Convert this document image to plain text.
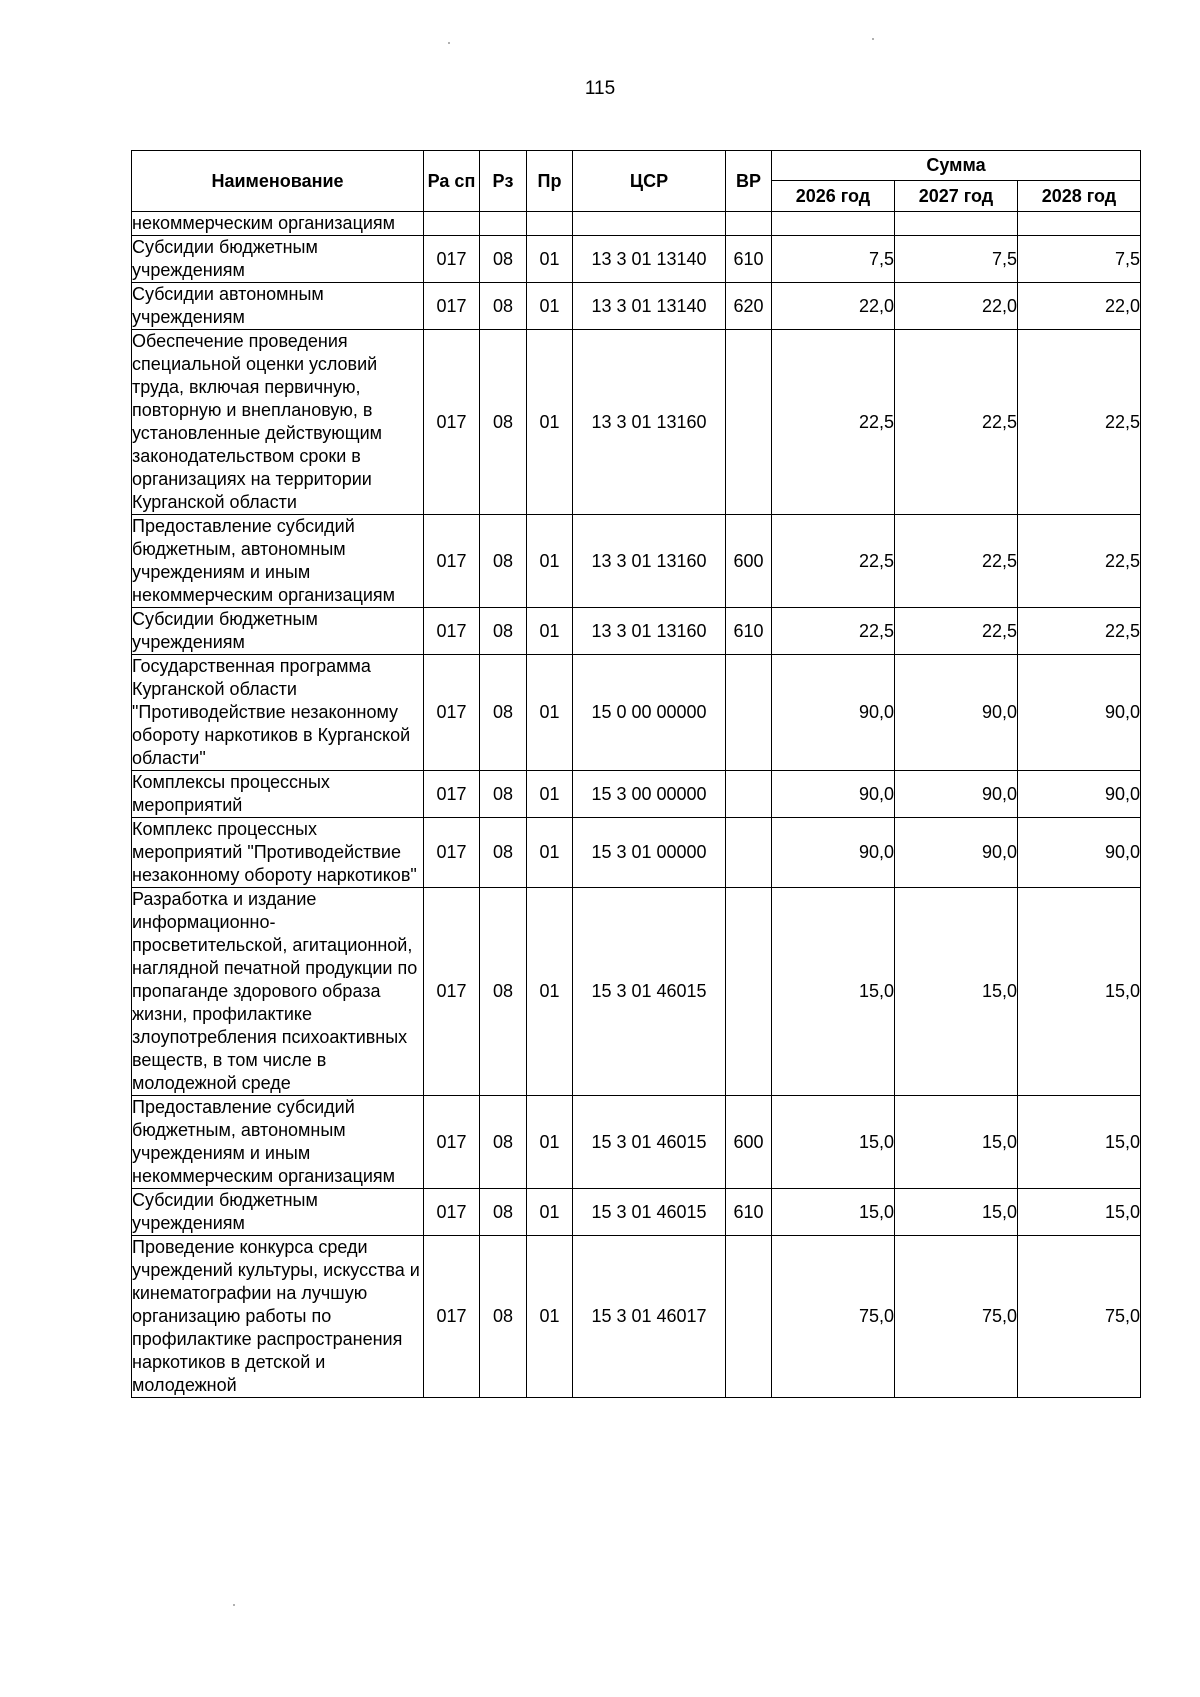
115
Наименование	Ра сп	Рз	Пр	ЦСР	ВР	Сумма		
						2026 год	2027 год	2028 год
некоммерческим организациям								
Субсидии бюджетным учреждениям	017	08	01	13 3 01 13140	610	7,5	7,5	7,5
Субсидии автономным учреждениям	017	08	01	13 3 01 13140	620	22,0	22,0	22,0
Обеспечение проведения специальной оценки условий труда, включая первичную, повторную и внеплановую, в установленные действующим законодательством сроки в организациях на территории Курганской области	017	08	01	13 3 01 13160		22,5	22,5	22,5
Предоставление субсидий бюджетным, автономным учреждениям и иным некоммерческим организациям	017	08	01	13 3 01 13160	600	22,5	22,5	22,5
Субсидии бюджетным учреждениям	017	08	01	13 3 01 13160	610	22,5	22,5	22,5
Государственная программа Курганской области "Противодействие незаконному обороту наркотиков в Курганской области"	017	08	01	15 0 00 00000		90,0	90,0	90,0
Комплексы процессных мероприятий	017	08	01	15 3 00 00000		90,0	90,0	90,0
Комплекс процессных мероприятий "Противодействие незаконному обороту наркотиков"	017	08	01	15 3 01 00000		90,0	90,0	90,0
Разработка и издание информационно-просветительской, агитационной, наглядной печатной продукции по пропаганде здорового образа жизни, профилактике злоупотребления психоактивных веществ, в том числе в молодежной среде	017	08	01	15 3 01 46015		15,0	15,0	15,0
Предоставление субсидий бюджетным, автономным учреждениям и иным некоммерческим организациям	017	08	01	15 3 01 46015	600	15,0	15,0	15,0
Субсидии бюджетным учреждениям	017	08	01	15 3 01 46015	610	15,0	15,0	15,0
Проведение конкурса среди учреждений культуры, искусства и кинематографии на лучшую организацию работы по профилактике распространения наркотиков в детской и молодежной	017	08	01	15 3 01 46017		75,0	75,0	75,0
